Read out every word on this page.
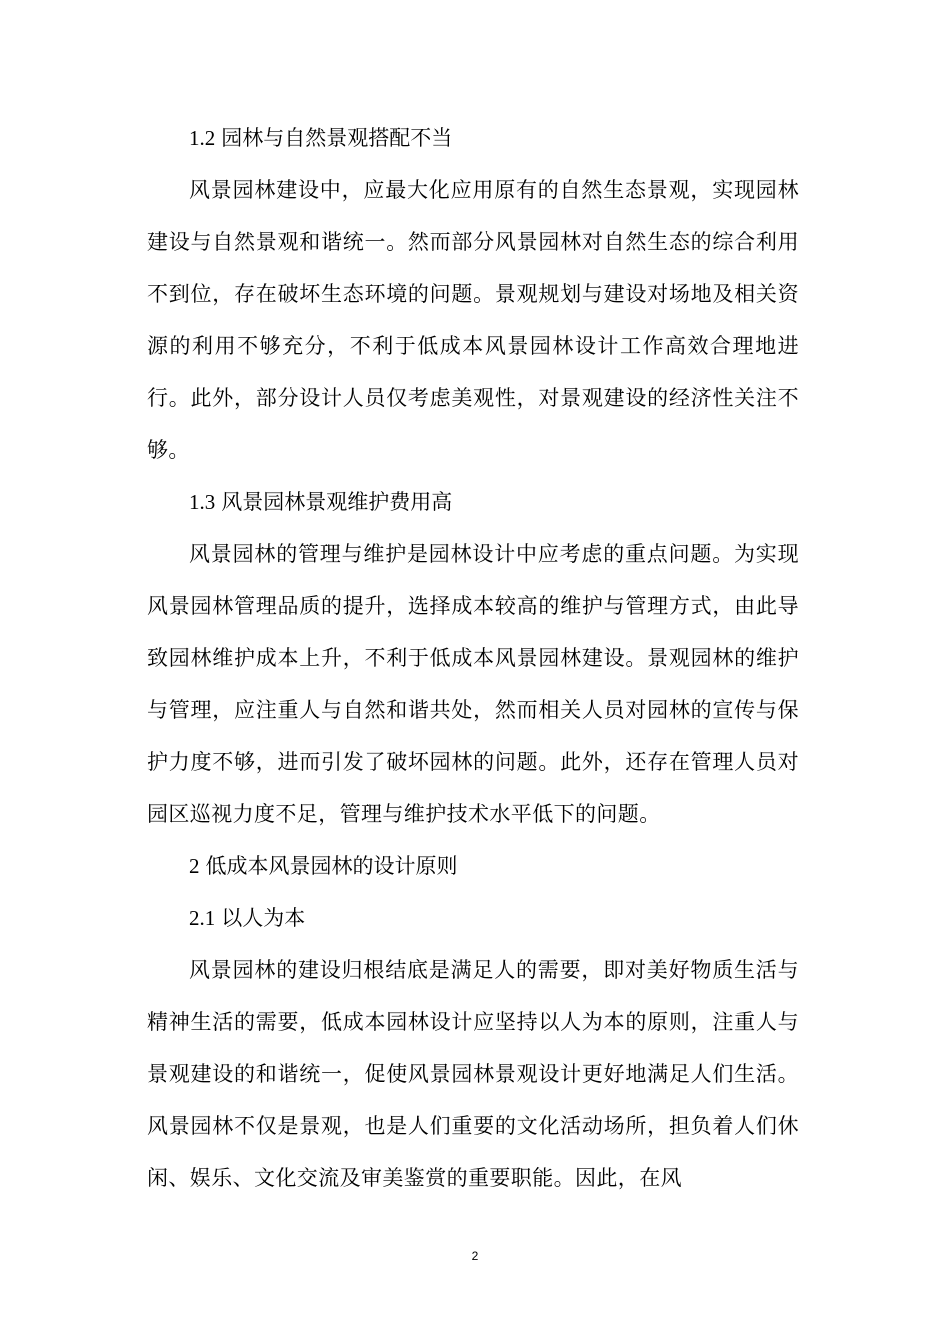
1.2 园林与自然景观搭配不当

风景园林建设中，应最大化应用原有的自然生态景观，实现园林建设与自然景观和谐统一。然而部分风景园林对自然生态的综合利用不到位，存在破坏生态环境的问题。景观规划与建设对场地及相关资源的利用不够充分，不利于低成本风景园林设计工作高效合理地进行。此外，部分设计人员仅考虑美观性，对景观建设的经济性关注不够。

1.3 风景园林景观维护费用高

风景园林的管理与维护是园林设计中应考虑的重点问题。为实现风景园林管理品质的提升，选择成本较高的维护与管理方式，由此导致园林维护成本上升，不利于低成本风景园林建设。景观园林的维护与管理，应注重人与自然和谐共处，然而相关人员对园林的宣传与保护力度不够，进而引发了破坏园林的问题。此外，还存在管理人员对园区巡视力度不足，管理与维护技术水平低下的问题。

2 低成本风景园林的设计原则
2.1 以人为本

风景园林的建设归根结底是满足人的需要，即对美好物质生活与精神生活的需要，低成本园林设计应坚持以人为本的原则，注重人与景观建设的和谐统一，促使风景园林景观设计更好地满足人们生活。风景园林不仅是景观，也是人们重要的文化活动场所，担负着人们休闲、娱乐、文化交流及审美鉴赏的重要职能。因此，在风

2
